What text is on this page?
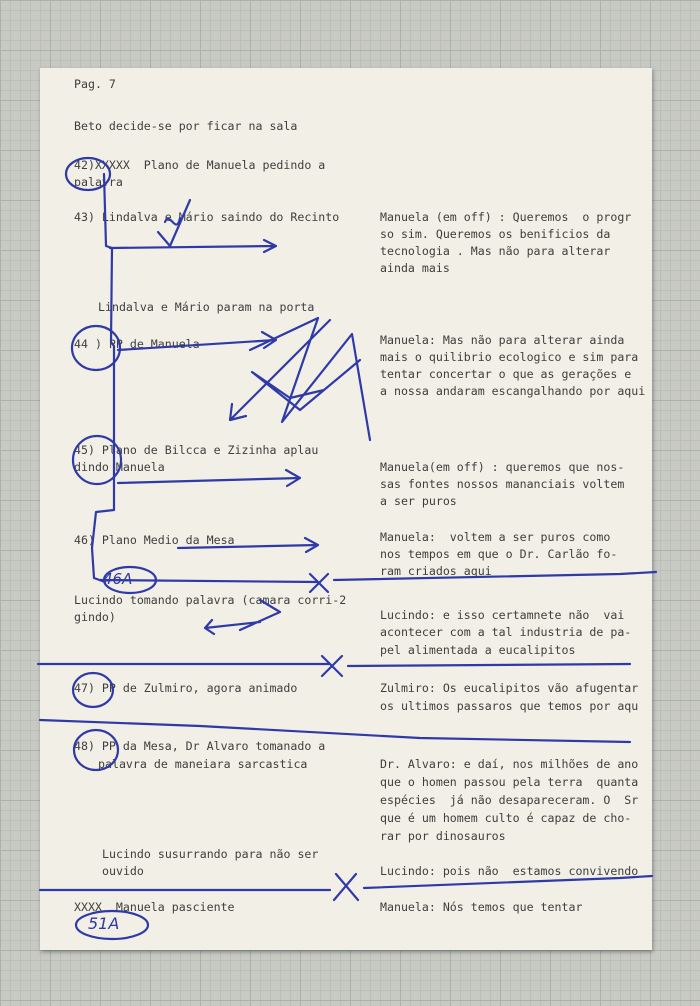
Pag. 7
Beto decide-se por ficar na sala
42)XXXXX  Plano de Manuela pedindo a
palavra
43) Lindalva e Mário saindo do Recinto
Lindalva e Mário param na porta
44 ) PP de Manuela
45) Plano de Bilcca e Zizinha aplau
dindo Manuela
46) Plano Medio da Mesa
Lucindo tomando palavra (camara corri-2
gindo)
47) PP de Zulmiro, agora animado
48) PP da Mesa, Dr Alvaro tomanado a
palavra de maneiara sarcastica
Lucindo susurrando para não ser
ouvido
XXXX  Manuela pasciente
Manuela (em off) : Queremos  o progr
so sim. Queremos os benificios da
tecnologia . Mas não para alterar
ainda mais
Manuela: Mas não para alterar ainda
mais o quilibrio ecologico e sim para
tentar concertar o que as gerações e
a nossa andaram escangalhando por aqui
Manuela(em off) : queremos que nos-
sas fontes nossos mananciais voltem
a ser puros
Manuela:  voltem a ser puros como
nos tempos em que o Dr. Carlão fo-
ram criados aqui
Lucindo: e isso certamnete não  vai
acontecer com a tal industria de pa-
pel alimentada a eucalipitos
Zulmiro: Os eucalipitos vão afugentar
os ultimos passaros que temos por aqu
Dr. Alvaro: e daí, nos milhões de ano
que o homen passou pela terra  quanta
espécies  já não desapareceram. O  Sr
que é um homem culto é capaz de cho-
rar por dinosauros
Lucindo: pois não  estamos convivendo
Manuela: Nós temos que tentar
46A
51A
